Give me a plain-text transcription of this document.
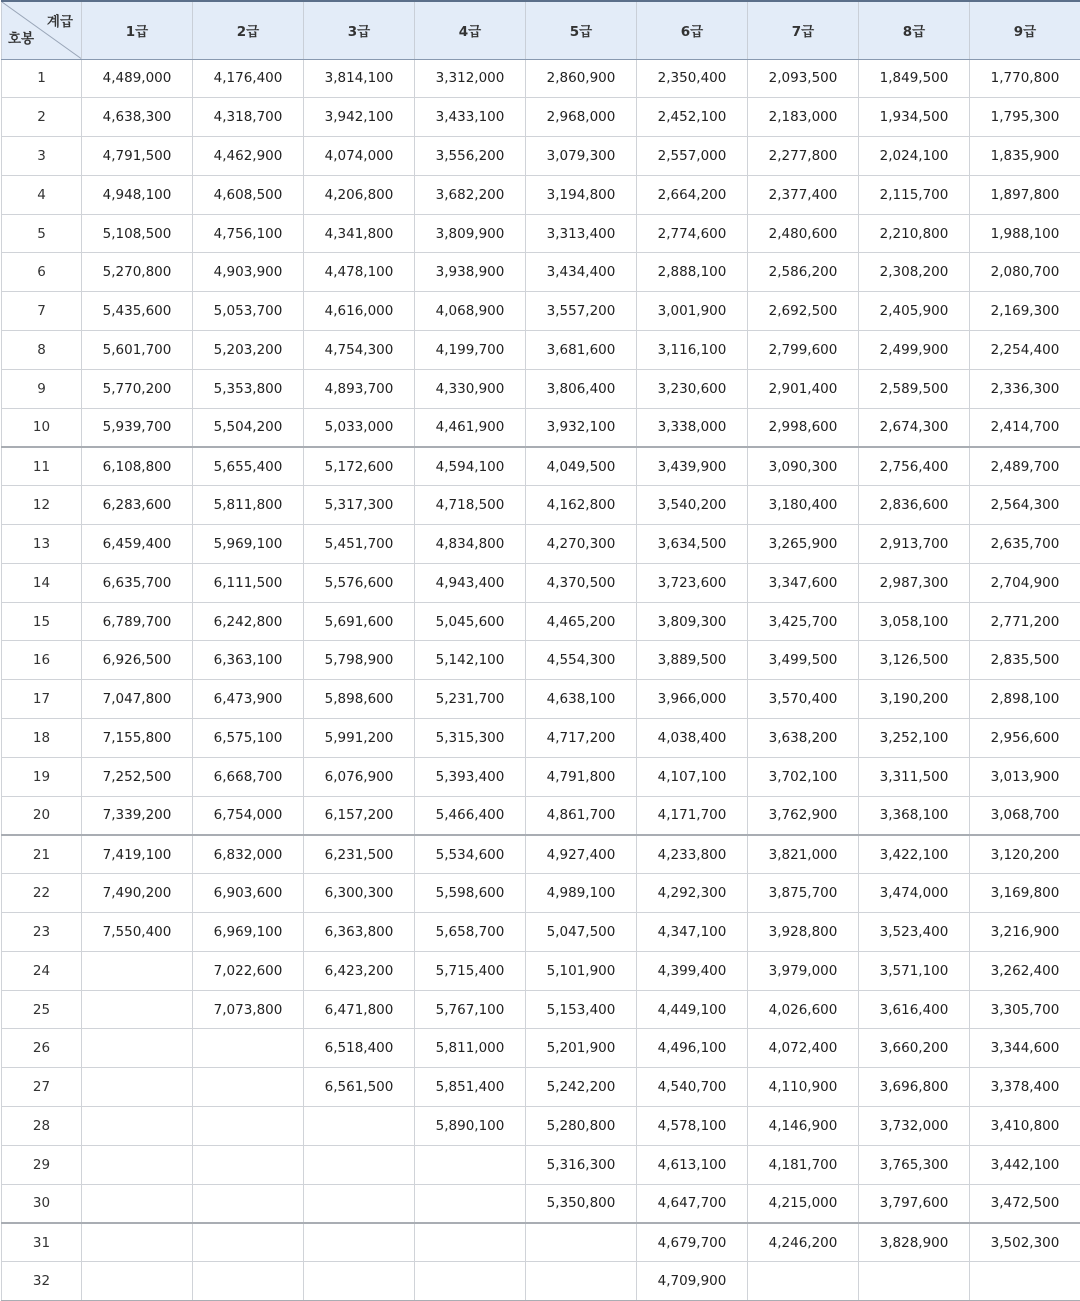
계급
호봉	1급	2급	3급	4급	5급	6급	7급	8급	9급
1	4,489,000	4,176,400	3,814,100	3,312,000	2,860,900	2,350,400	2,093,500	1,849,500	1,770,800
2	4,638,300	4,318,700	3,942,100	3,433,100	2,968,000	2,452,100	2,183,000	1,934,500	1,795,300
3	4,791,500	4,462,900	4,074,000	3,556,200	3,079,300	2,557,000	2,277,800	2,024,100	1,835,900
4	4,948,100	4,608,500	4,206,800	3,682,200	3,194,800	2,664,200	2,377,400	2,115,700	1,897,800
5	5,108,500	4,756,100	4,341,800	3,809,900	3,313,400	2,774,600	2,480,600	2,210,800	1,988,100
6	5,270,800	4,903,900	4,478,100	3,938,900	3,434,400	2,888,100	2,586,200	2,308,200	2,080,700
7	5,435,600	5,053,700	4,616,000	4,068,900	3,557,200	3,001,900	2,692,500	2,405,900	2,169,300
8	5,601,700	5,203,200	4,754,300	4,199,700	3,681,600	3,116,100	2,799,600	2,499,900	2,254,400
9	5,770,200	5,353,800	4,893,700	4,330,900	3,806,400	3,230,600	2,901,400	2,589,500	2,336,300
10	5,939,700	5,504,200	5,033,000	4,461,900	3,932,100	3,338,000	2,998,600	2,674,300	2,414,700
11	6,108,800	5,655,400	5,172,600	4,594,100	4,049,500	3,439,900	3,090,300	2,756,400	2,489,700
12	6,283,600	5,811,800	5,317,300	4,718,500	4,162,800	3,540,200	3,180,400	2,836,600	2,564,300
13	6,459,400	5,969,100	5,451,700	4,834,800	4,270,300	3,634,500	3,265,900	2,913,700	2,635,700
14	6,635,700	6,111,500	5,576,600	4,943,400	4,370,500	3,723,600	3,347,600	2,987,300	2,704,900
15	6,789,700	6,242,800	5,691,600	5,045,600	4,465,200	3,809,300	3,425,700	3,058,100	2,771,200
16	6,926,500	6,363,100	5,798,900	5,142,100	4,554,300	3,889,500	3,499,500	3,126,500	2,835,500
17	7,047,800	6,473,900	5,898,600	5,231,700	4,638,100	3,966,000	3,570,400	3,190,200	2,898,100
18	7,155,800	6,575,100	5,991,200	5,315,300	4,717,200	4,038,400	3,638,200	3,252,100	2,956,600
19	7,252,500	6,668,700	6,076,900	5,393,400	4,791,800	4,107,100	3,702,100	3,311,500	3,013,900
20	7,339,200	6,754,000	6,157,200	5,466,400	4,861,700	4,171,700	3,762,900	3,368,100	3,068,700
21	7,419,100	6,832,000	6,231,500	5,534,600	4,927,400	4,233,800	3,821,000	3,422,100	3,120,200
22	7,490,200	6,903,600	6,300,300	5,598,600	4,989,100	4,292,300	3,875,700	3,474,000	3,169,800
23	7,550,400	6,969,100	6,363,800	5,658,700	5,047,500	4,347,100	3,928,800	3,523,400	3,216,900
24		7,022,600	6,423,200	5,715,400	5,101,900	4,399,400	3,979,000	3,571,100	3,262,400
25		7,073,800	6,471,800	5,767,100	5,153,400	4,449,100	4,026,600	3,616,400	3,305,700
26			6,518,400	5,811,000	5,201,900	4,496,100	4,072,400	3,660,200	3,344,600
27			6,561,500	5,851,400	5,242,200	4,540,700	4,110,900	3,696,800	3,378,400
28				5,890,100	5,280,800	4,578,100	4,146,900	3,732,000	3,410,800
29					5,316,300	4,613,100	4,181,700	3,765,300	3,442,100
30					5,350,800	4,647,700	4,215,000	3,797,600	3,472,500
31						4,679,700	4,246,200	3,828,900	3,502,300
32						4,709,900			
